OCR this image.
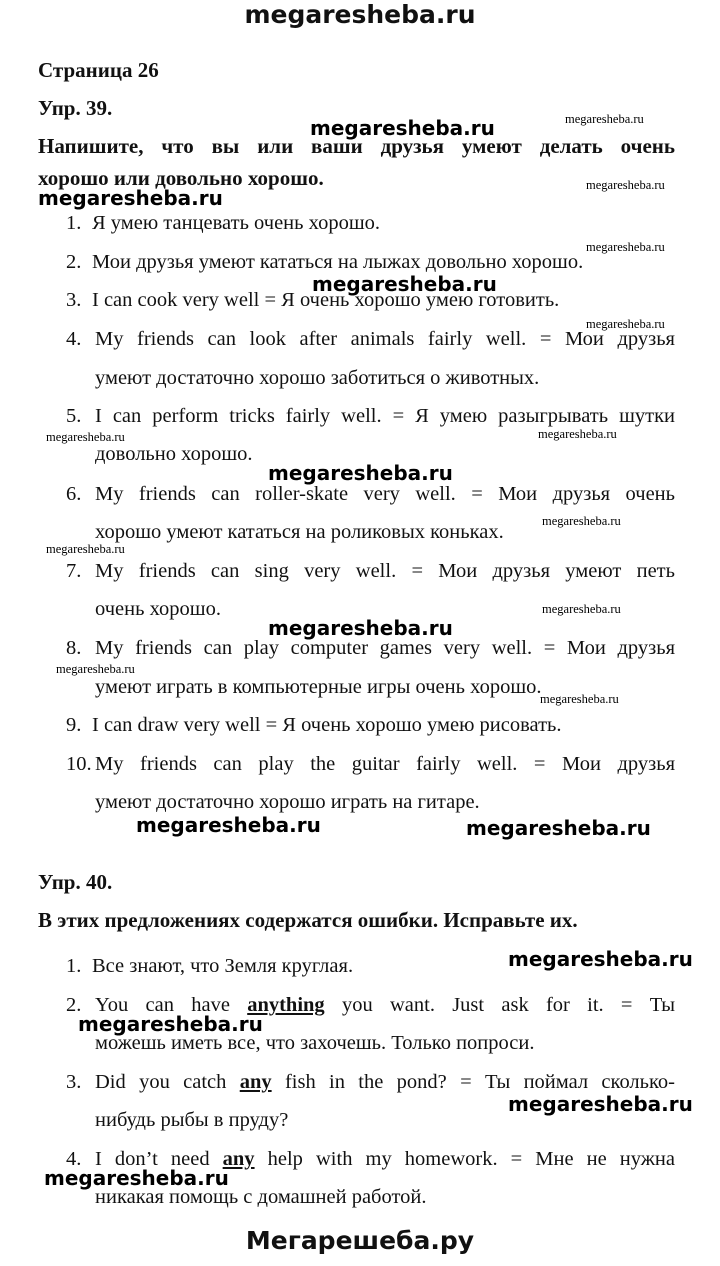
megaresheba.ru
Мегарешеба.ру
Страница 26
Упр. 39.
Напишите, что вы или ваши друзья умеют делать очень
хорошо или довольно хорошо.
1. Я умею танцевать очень хорошо.
2. Мои друзья умеют кататься на лыжах довольно хорошо.
3. I can cook very well = Я очень хорошо умею готовить.
4. My friends can look after animals fairly well. = Мои друзья
умеют достаточно хорошо заботиться о животных.
5. I can perform tricks fairly well. = Я умею разыгрывать шутки
довольно хорошо.
6. My friends can roller-skate very well. = Мои друзья очень
хорошо умеют кататься на роликовых коньках.
7. My friends can sing very well. = Мои друзья умеют петь
очень хорошо.
8. My friends can play computer games very well. = Мои друзья
умеют играть в компьютерные игры очень хорошо.
9. I can draw very well = Я очень хорошо умею рисовать.
10. My friends can play the guitar fairly well. = Мои друзья
умеют достаточно хорошо играть на гитаре.
Упр. 40.
В этих предложениях содержатся ошибки. Исправьте их.
1. Все знают, что Земля круглая.
2. You can have anything you want. Just ask for it. = Ты
можешь иметь все, что захочешь. Только попроси.
3. Did you catch any fish in the pond? = Ты поймал сколько-
нибудь рыбы в пруду?
4. I don’t need any help with my homework. = Мне не нужна
никакая помощь с домашней работой.
megaresheba.ru
megaresheba.ru
megaresheba.ru
megaresheba.ru
megaresheba.ru
megaresheba.ru	megaresheba.ru
megaresheba.ru
megaresheba.ru
megaresheba.ru
megaresheba.ru
megaresheba.ru
megaresheba.ru
megaresheba.ru
megaresheba.ru
megaresheba.ru	megaresheba.ru
megaresheba.ru
megaresheba.ru
megaresheba.ru
megaresheba.ru
megaresheba.ru
